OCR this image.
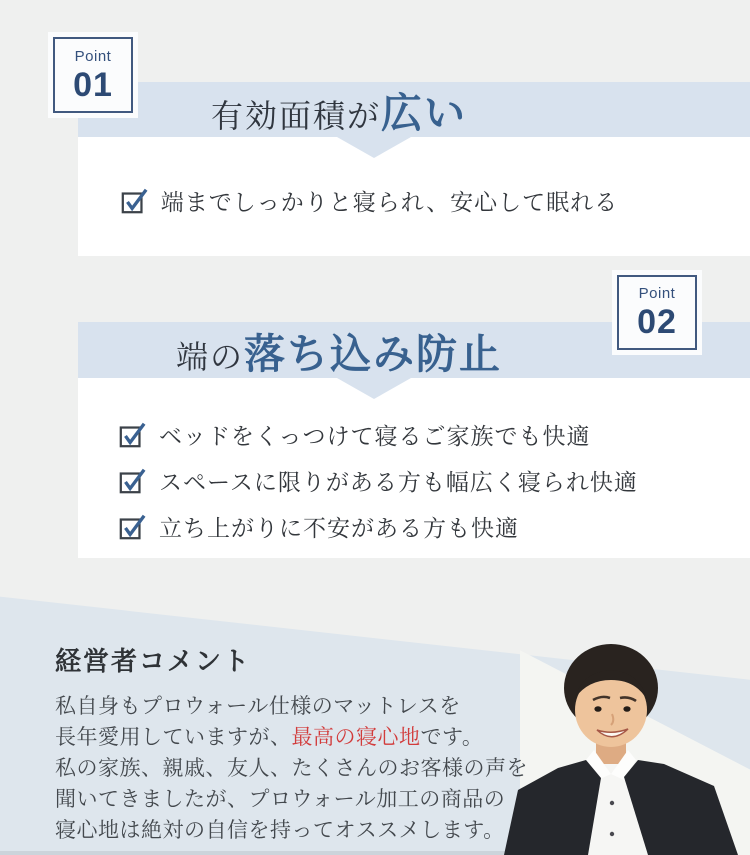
有効面積が広い
端までしっかりと寝られ、安心して眠れる
Point
01
端の落ち込み防止
ベッドをくっつけて寝るご家族でも快適
スペースに限りがある方も幅広く寝られ快適
立ち上がりに不安がある方も快適
Point
02
経営者コメント

私自身もプロウォール仕様のマットレスを

長年愛用していますが、最高の寝心地です。

私の家族、親戚、友人、たくさんのお客様の声を

聞いてきましたが、プロウォール加工の商品の

寝心地は絶対の自信を持ってオススメします。
